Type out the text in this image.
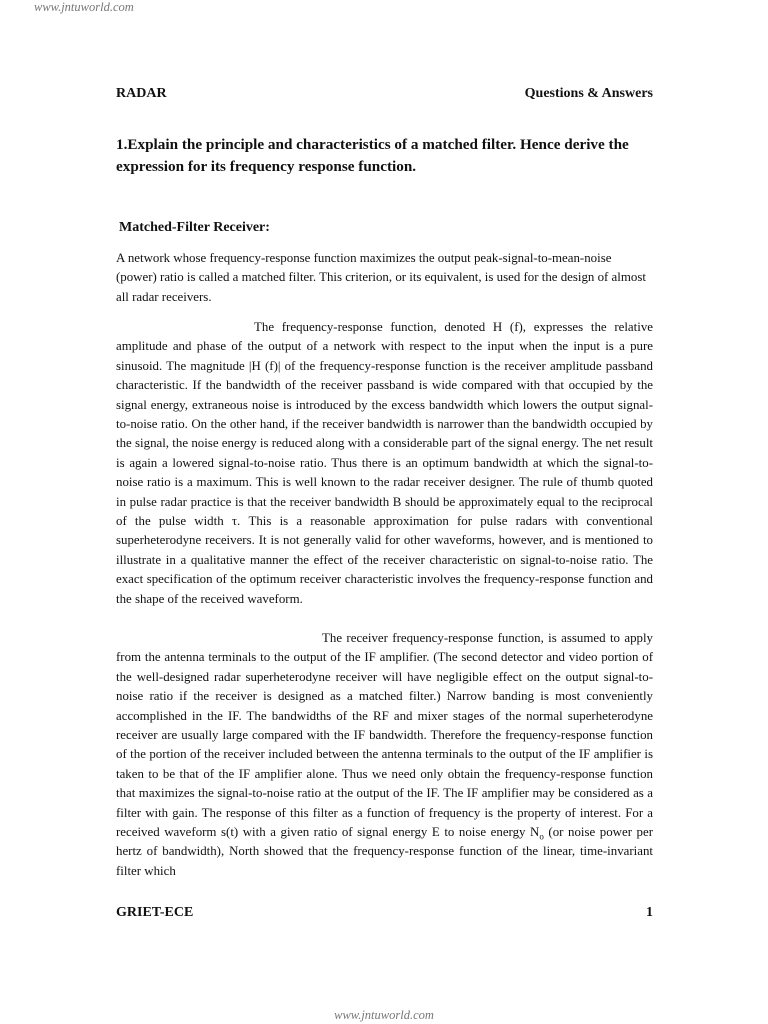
www.jntuworld.com
RADAR	Questions & Answers

1.Explain the principle and characteristics of a matched filter. Hence derive the expression for its frequency response function.

Matched-Filter Receiver:

A network whose frequency-response function maximizes the output peak-signal-to-mean-noise (power) ratio is called a matched filter. This criterion, or its equivalent, is used for the design of almost all radar receivers.

The frequency-response function, denoted H (f), expresses the relative amplitude and phase of the output of a network with respect to the input when the input is a pure sinusoid. The magnitude |H (f)| of the frequency-response function is the receiver amplitude passband characteristic. If the bandwidth of the receiver passband is wide compared with that occupied by the signal energy, extraneous noise is introduced by the excess bandwidth which lowers the output signal-to-noise ratio. On the other hand, if the receiver bandwidth is narrower than the bandwidth occupied by the signal, the noise energy is reduced along with a considerable part of the signal energy. The net result is again a lowered signal-to-noise ratio. Thus there is an optimum bandwidth at which the signal-to-noise ratio is a maximum. This is well known to the radar receiver designer. The rule of thumb quoted in pulse radar practice is that the receiver bandwidth B should be approximately equal to the reciprocal of the pulse width τ. This is a reasonable approximation for pulse radars with conventional superheterodyne receivers. It is not generally valid for other waveforms, however, and is mentioned to illustrate in a qualitative manner the effect of the receiver characteristic on signal-to-noise ratio. The exact specification of the optimum receiver characteristic involves the frequency-response function and the shape of the received waveform.

The receiver frequency-response function, is assumed to apply from the antenna terminals to the output of the IF amplifier. (The second detector and video portion of the well-designed radar superheterodyne receiver will have negligible effect on the output signal-to-noise ratio if the receiver is designed as a matched filter.) Narrow banding is most conveniently accomplished in the IF. The bandwidths of the RF and mixer stages of the normal superheterodyne receiver are usually large compared with the IF bandwidth. Therefore the frequency-response function of the portion of the receiver included between the antenna terminals to the output of the IF amplifier is taken to be that of the IF amplifier alone. Thus we need only obtain the frequency-response function that maximizes the signal-to-noise ratio at the output of the IF. The IF amplifier may be considered as a filter with gain. The response of this filter as a function of frequency is the property of interest. For a received waveform s(t) with a given ratio of signal energy E to noise energy $N_o$ (or noise power per hertz of bandwidth), North showed that the frequency-response function of the linear, time-invariant filter which

GRIET-ECE	1
www.jntuworld.com
